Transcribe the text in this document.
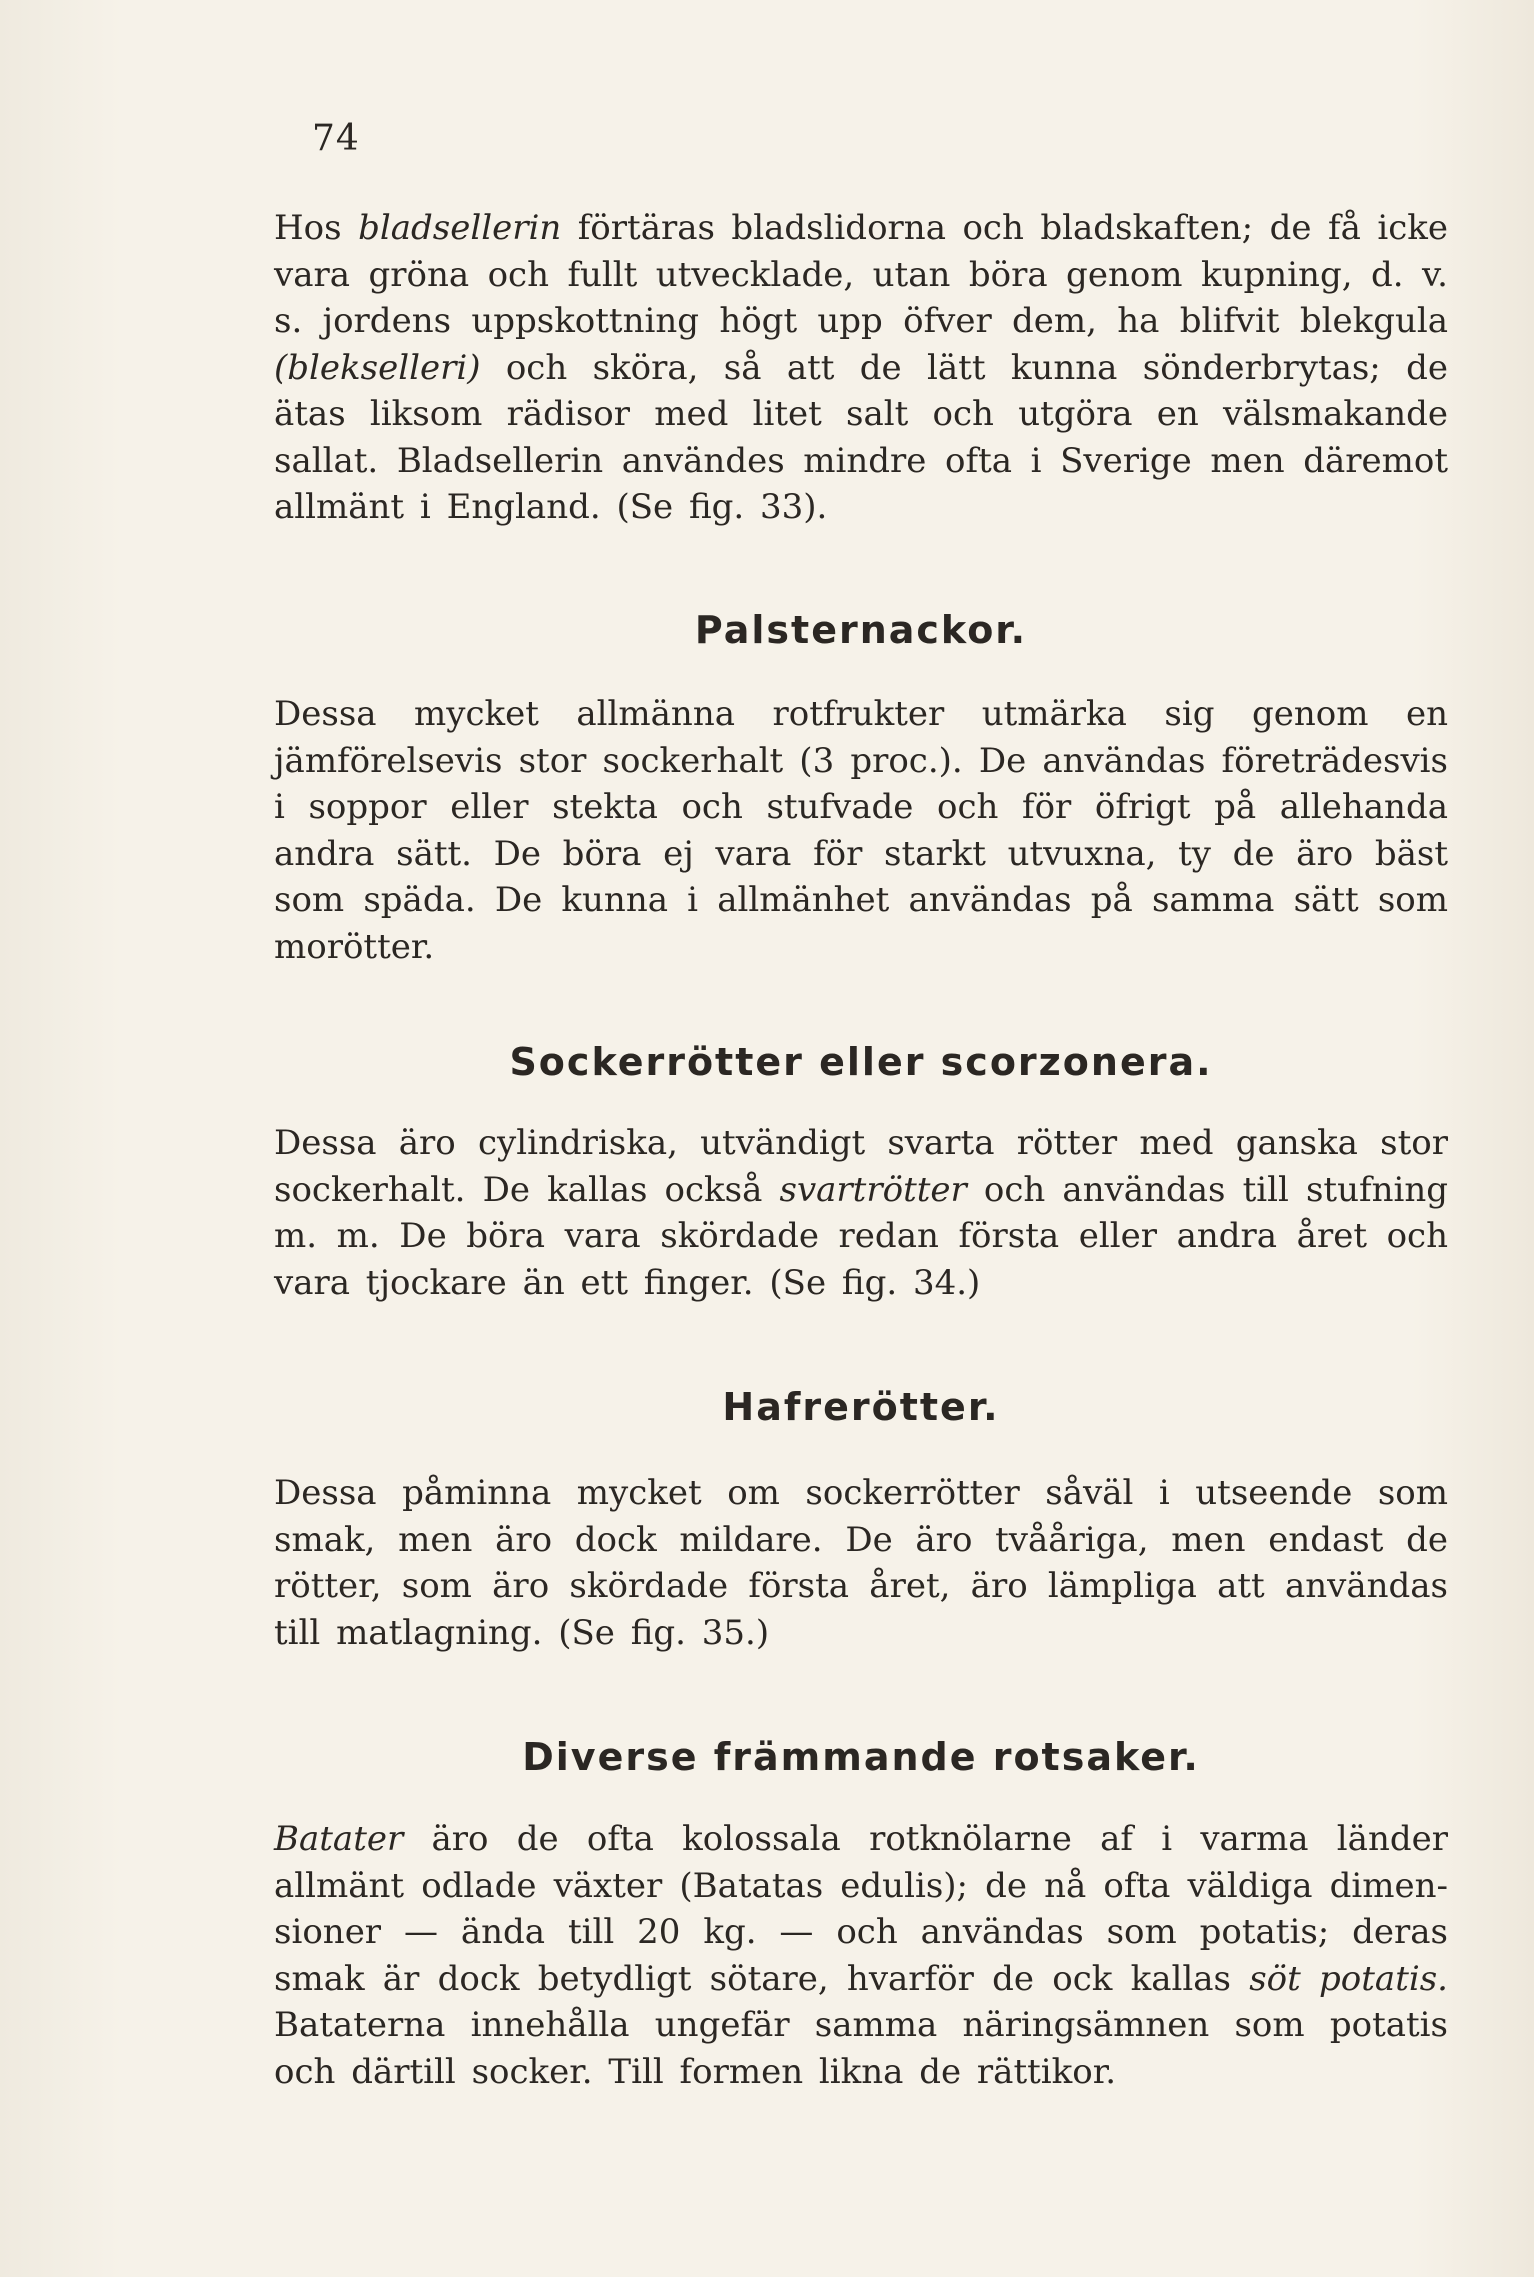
74

Hos bladsellerin förtäras bladslidorna och bladskaften; de få icke vara gröna och fullt utvecklade, utan böra genom kupning, d. v. s. jordens uppskottning högt upp öfver dem, ha blifvit blekgula (bleksellerі) och sköra, så att de lätt kunna sönderbrytas; de ätas liksom rädisor med litet salt och utgöra en välsmakande sallat. Bladsellerin användes mindre ofta i Sverige men däremot allmänt i England. (Se fig. 33).

Palsternackor.

Dessa mycket allmänna rotfrukter utmärka sig genom en jämförelsevis stor sockerhalt (3 proc.). De användas företrädesvis i soppor eller stekta och stufvade och för öfrigt på allehanda andra sätt. De böra ej vara för starkt utvuxna, ty de äro bäst som späda. De kunna i allmänhet användas på samma sätt som morötter.

Sockerrötter eller scorzonera.

Dessa äro cylindriska, utvändigt svarta rötter med ganska stor sockerhalt. De kallas också svartrötter och användas till stufning m. m. De böra vara skördade redan första eller andra året och vara tjockare än ett finger. (Se fig. 34.)

Hafrerötter.

Dessa påminna mycket om sockerrötter såväl i utseende som smak, men äro dock mildare. De äro tvååriga, men endast de rötter, som äro skördade första året, äro lämpliga att användas till matlagning. (Se fig. 35.)

Diverse främmande rotsaker.

Batater äro de ofta kolossala rotknölarne af i varma länder allmänt odlade växter (Batatas edulis); de nå ofta väldiga dimensioner — ända till 20 kg. — och användas som potatis; deras smak är dock betydligt sötare, hvarför de ock kallas söt potatis. Bataterna innehålla ungefär samma näringsämnen som potatis och därtill socker. Till formen likna de rättikor.
